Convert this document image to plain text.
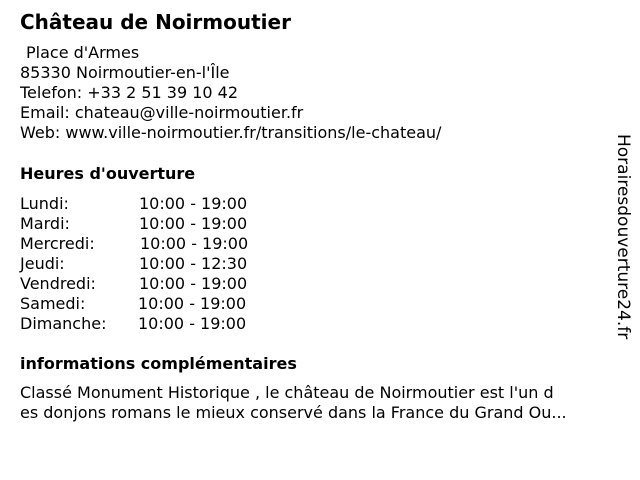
Château de Noirmoutier
Place d'Armes
85330 Noirmoutier-en-l'Île
Telefon: +33 2 51 39 10 42
Email: chateau@ville-noirmoutier.fr
Web: www.ville-noirmoutier.fr/transitions/le-chateau/
Heures d'ouverture
Lundi:	10:00 - 19:00
Mardi:	10:00 - 19:00
Mercredi:	10:00 - 19:00
Jeudi:	10:00 - 12:30
Vendredi:	10:00 - 19:00
Samedi:	10:00 - 19:00
Dimanche: 10:00 - 19:00
informations complémentaires
Classé Monument Historique , le château de Noirmoutier est l'un d
es donjons romans le mieux conservé dans la France du Grand Ou...
Horairesdouverture24.fr
